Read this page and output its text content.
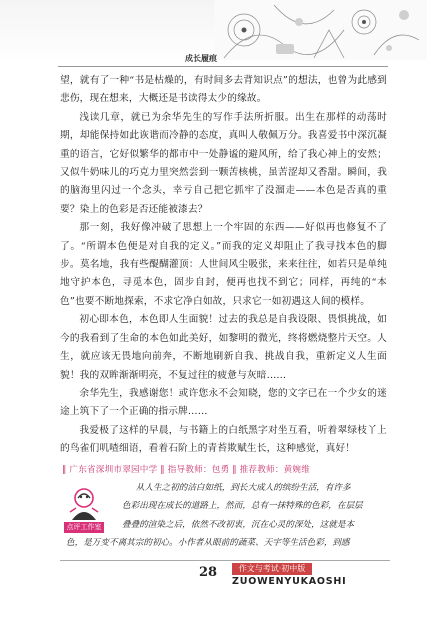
成长履痕

望，就有了一种“书是枯燥的，有时间多去背知识点”的想法，也曾为此感到悲伤，现在想来，大概还是书读得太少的缘故。

浅读几章，就已为余华先生的写作手法所折服。出生在那样的动荡时期，却能保持如此诙谐而冷静的态度，真叫人敬佩万分。我喜爱书中深沉凝重的语言，它好似繁华的都市中一处静谧的避风所，给了我心神上的安然；又似牛奶味儿的巧克力里突然尝到一颗苦核桃，虽苦涩却又香甜。瞬间，我的脑海里闪过一个念头，幸亏自己把它抓牢了没溜走——本色是否真的重要？染上的色彩是否还能被漆去？

那一刻，我好像冲破了思想上一个牢固的东西——好似再也修复不了了。“所谓本色便是对自我的定义。”而我的定义却阻止了我寻找本色的脚步。莫名地，我有些醍醐灌顶：人世间风尘吸张，来来往往，如若只是单纯地守护本色，寻觅本色，固步自封，便再也找不到它；同样，再纯的“本色”也要不断地探索，不求它净白如故，只求它一如初遇这人间的模样。

初心即本色，本色即人生面貌！过去的我总是自我设限、畏惧挑战，如今的我看到了生命的本色如此美好，如黎明的微光，终将燃烧整片天空。人生，就应该无畏地向前奔，不断地刷新自我、挑战自我，重新定义人生面貌！我的双眸渐渐明亮，不复过往的疲惫与灰暗……

余华先生，我感谢您！或许您永不会知晓，您的文字已在一个少女的迷途上筑下了一个正确的指示牌……

我爱极了这样的早晨，与书籍上的白纸黑字对坐互看，听着翠绿枝丫上的鸟雀们叽喳细语，看着石阶上的青苔欺赋生长，这种感觉，真好！

‖ 广东省深圳市翠园中学 ‖ 指导教师：包勇 ‖ 推荐教师：黄婉维
点评工作室
从人生之初的洁白如纸，到长大成人的缤纷生活，有许多
色彩出现在成长的道路上，然而，总有一抹特殊的色彩，在层层
叠叠的渲染之后，依然不改初衷，沉在心灵的深处，这就是本
色，是万变不离其宗的初心。小作者从眼前的蔬菜、天宇等生活色彩，到感
28	作文与考试·初中版
ZUOWENYUKAOSHI
